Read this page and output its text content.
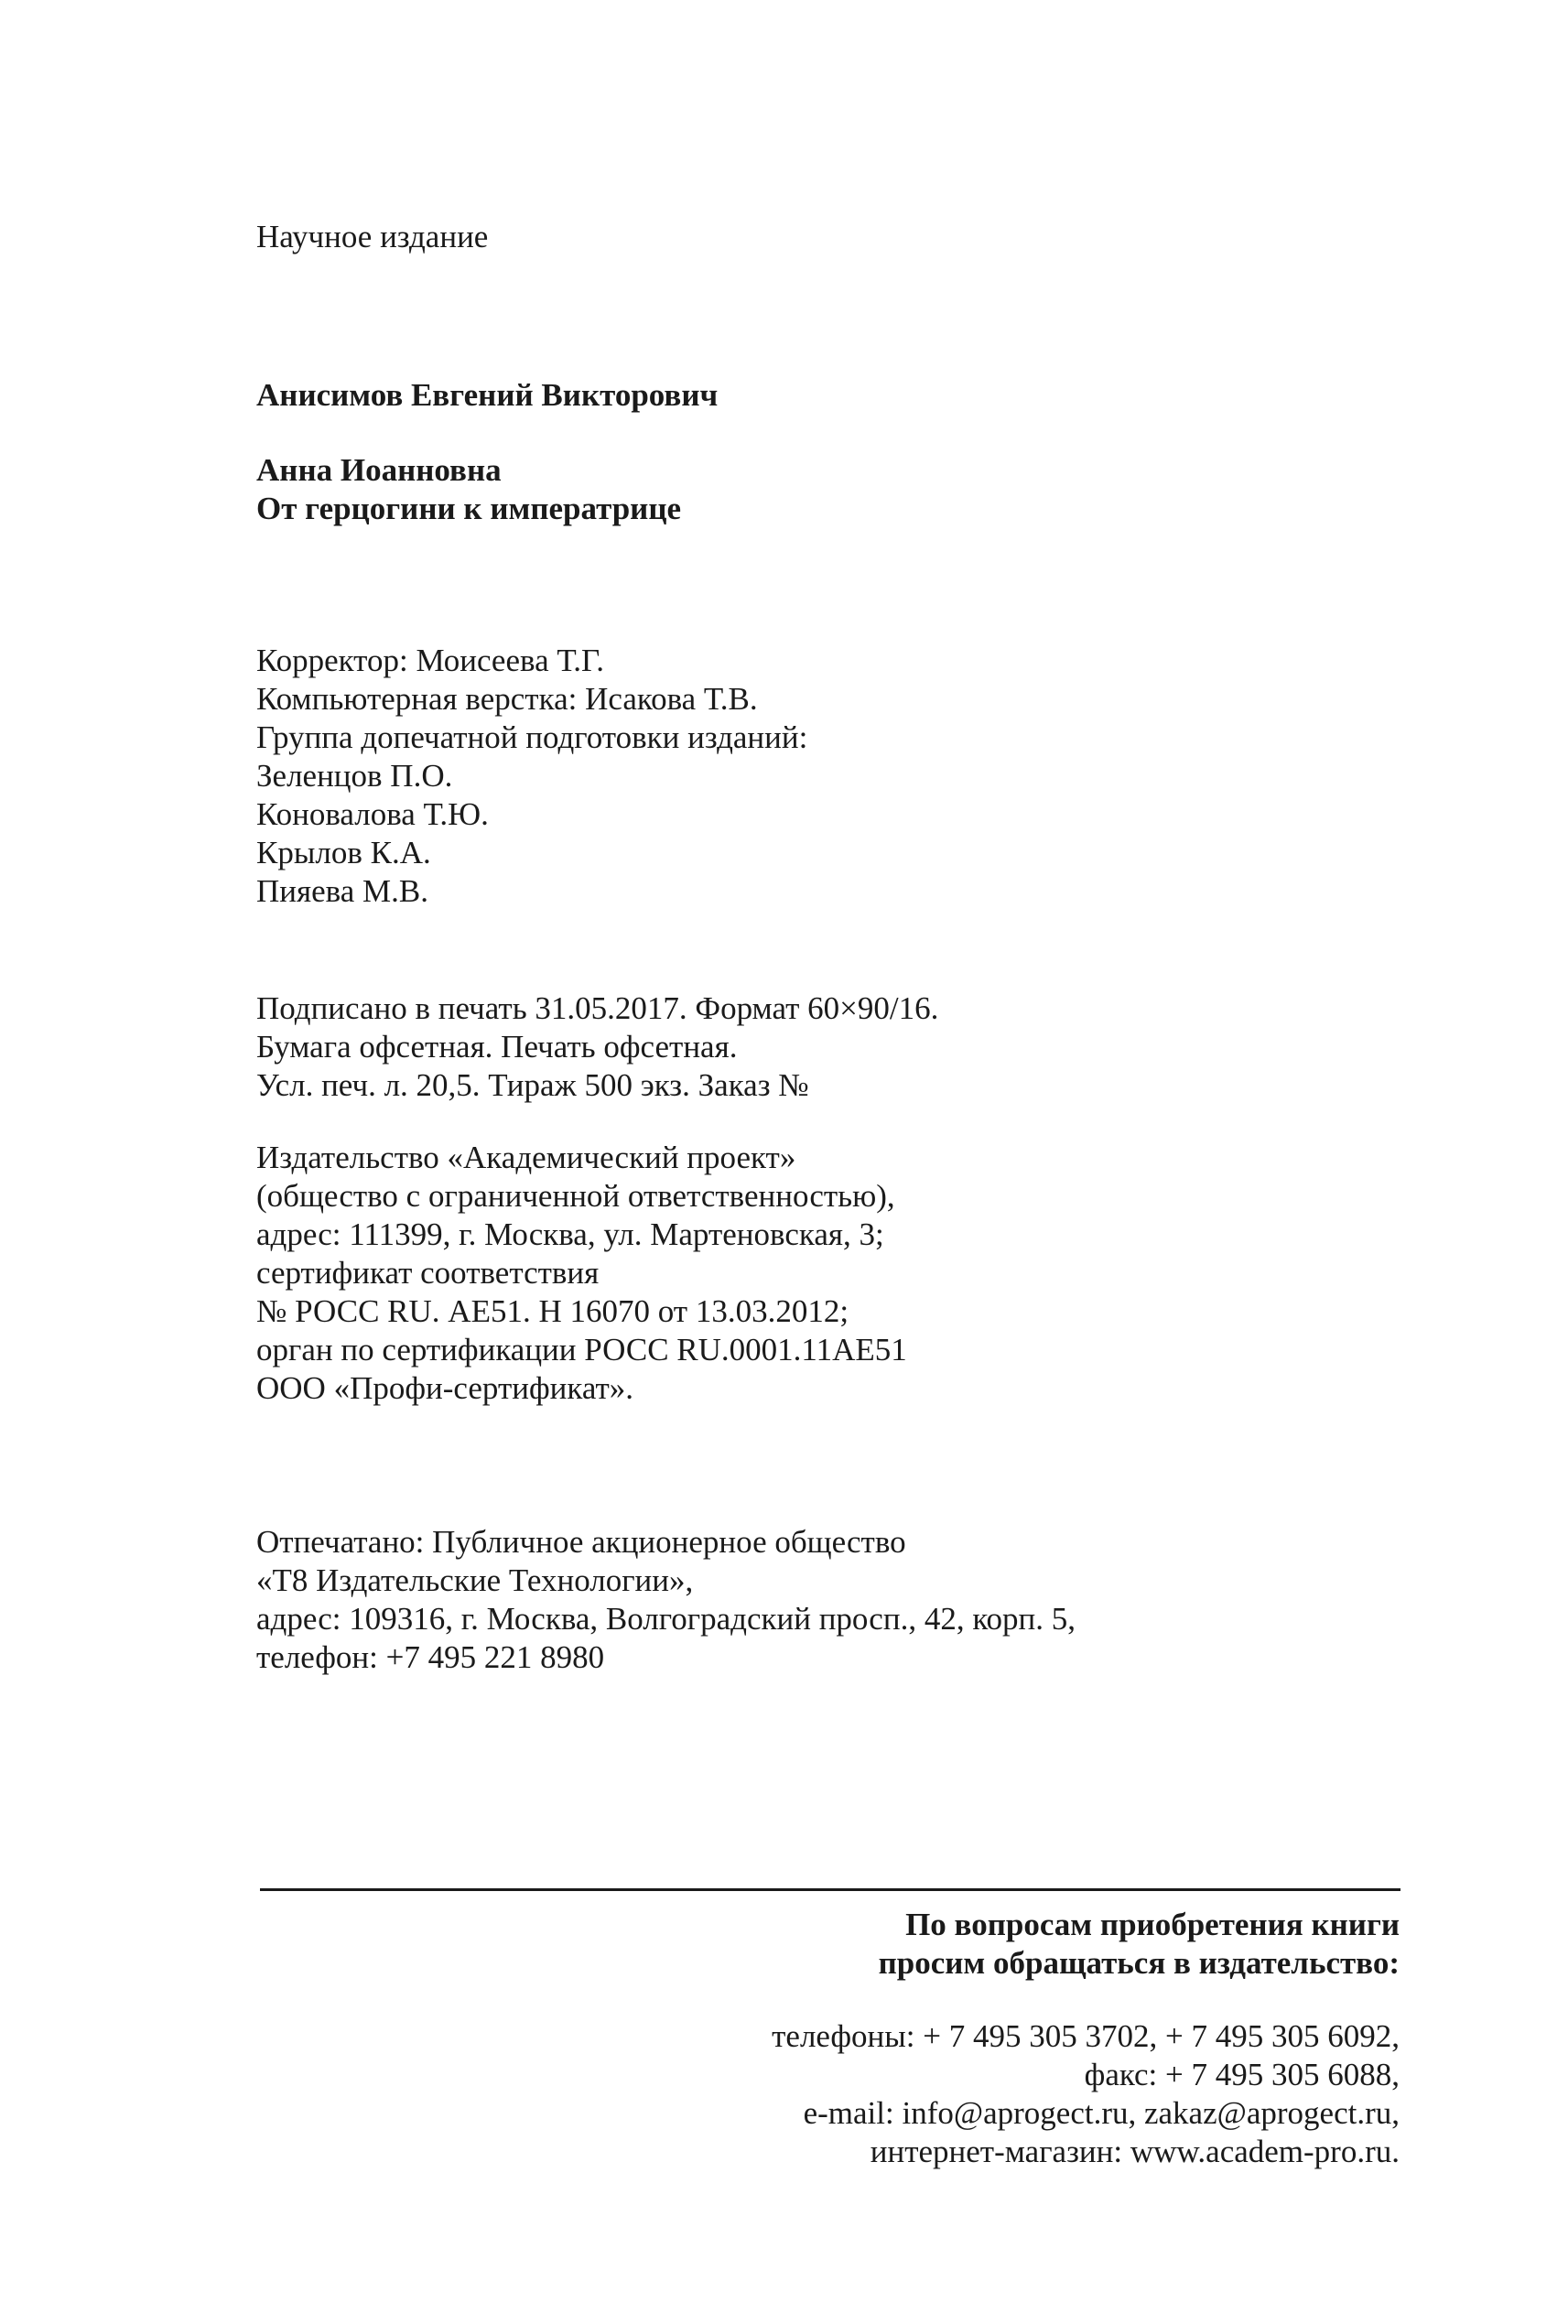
Научное издание
Анисимов Евгений Викторович
Анна Иоанновна
От герцогини к императрице
Корректор: Моисеева Т.Г.
Компьютерная верстка: Исакова Т.В.
Группа допечатной подготовки изданий:
Зеленцов П.О.
Коновалова Т.Ю.
Крылов К.А.
Пияева М.В.
Подписано в печать 31.05.2017. Формат 60×90/16.
Бумага офсетная. Печать офсетная.
Усл. печ. л. 20,5. Тираж 500 экз. Заказ №
Издательство «Академический проект»
(общество с ограниченной ответственностью),
адрес: 111399, г. Москва, ул. Мартеновская, 3;
сертификат соответствия
№ РОСС RU. АЕ51. Н 16070 от 13.03.2012;
орган по сертификации РОСС RU.0001.11АЕ51
ООО «Профи-сертификат».
Отпечатано: Публичное акционерное общество
«Т8 Издательские Технологии»,
адрес: 109316, г. Москва, Волгоградский просп., 42, корп. 5,
телефон: +7 495 221 8980
По вопросам приобретения книги
просим обращаться в издательство:
телефоны: + 7 495 305 3702, + 7 495 305 6092,
факс: + 7 495 305 6088,
e-mail: info@aprogect.ru, zakaz@aprogect.ru,
интернет-магазин: www.academ-pro.ru.
